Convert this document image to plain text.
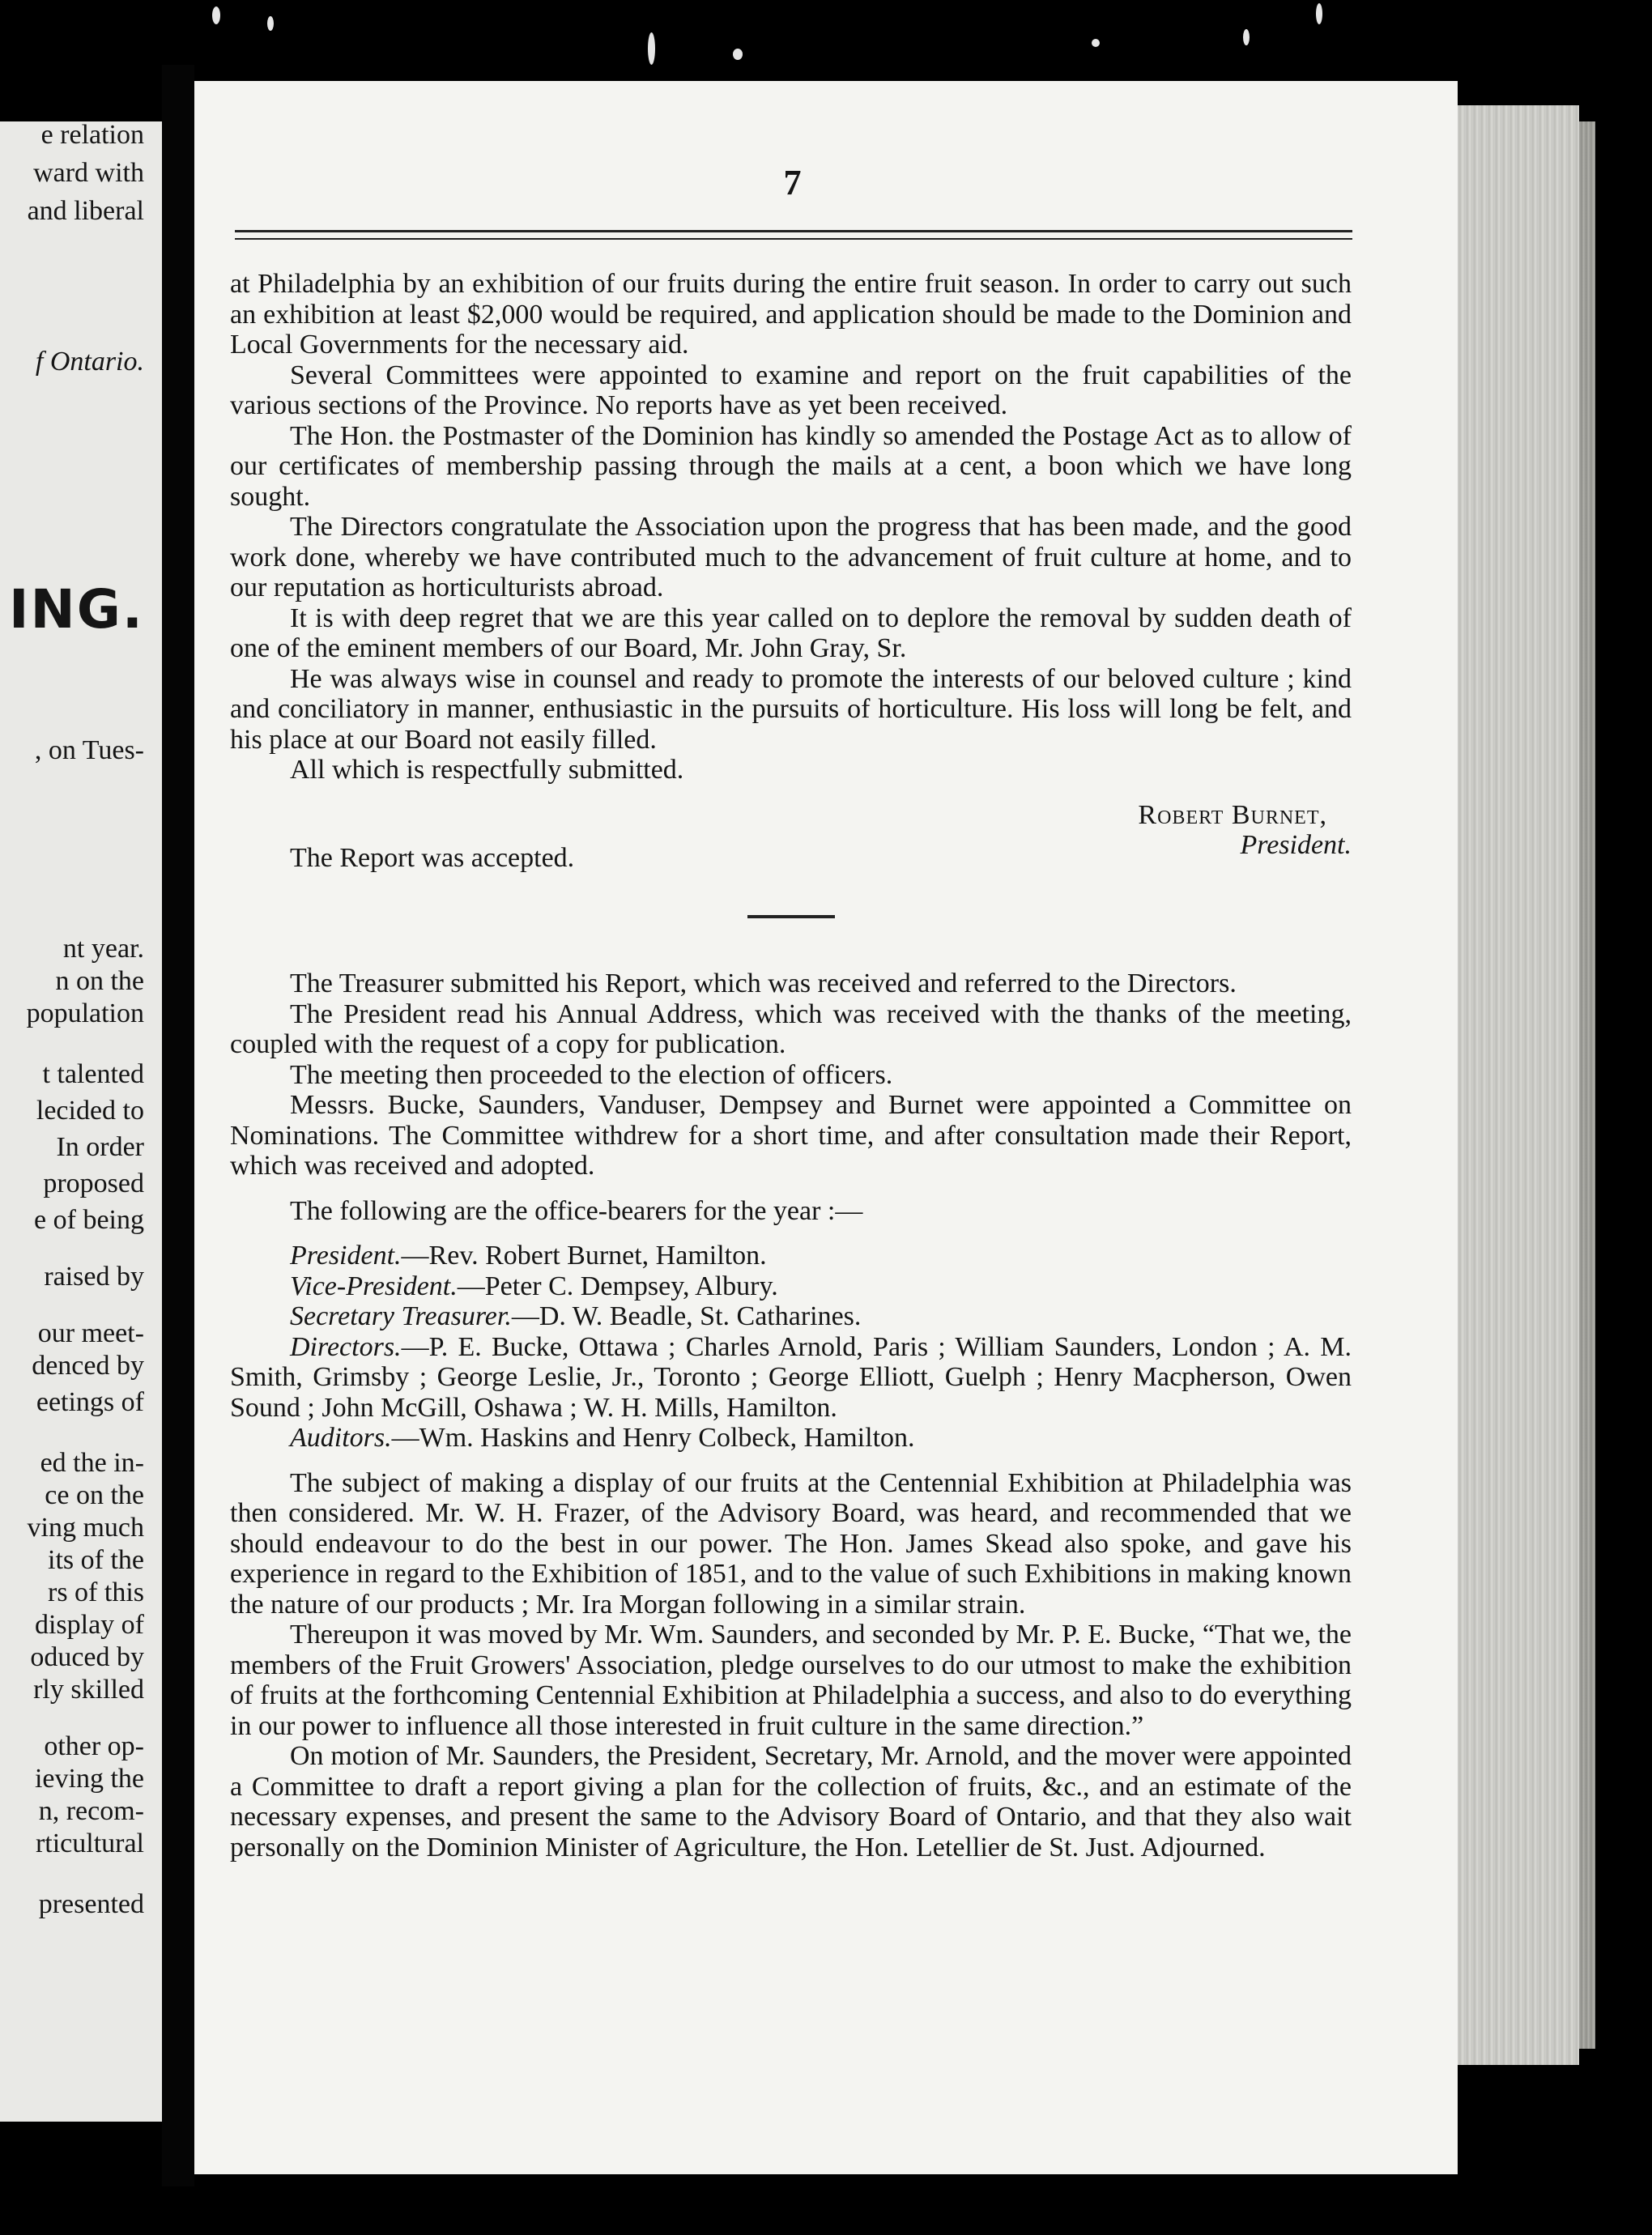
e relation
ward with
and liberal
f Ontario.
ING.
, on Tues-
nt year.
n on the
population
t talented
lecided to
In order
proposed
e of being
raised by
our meet-
denced by
eetings of
ed the in-
ce on the
ving much
its of the
rs of this
display of
oduced by
rly skilled
other op-
ieving the
n, recom-
rticultural
presented
7

at Philadelphia by an exhibition of our fruits during the entire fruit season. In order to carry out such an exhibition at least $2,000 would be required, and application should be made to the Dominion and Local Governments for the necessary aid.

Several Committees were appointed to examine and report on the fruit capabilities of the various sections of the Province. No reports have as yet been received.

The Hon. the Postmaster of the Dominion has kindly so amended the Postage Act as to allow of our certificates of membership passing through the mails at a cent, a boon which we have long sought.

The Directors congratulate the Association upon the progress that has been made, and the good work done, whereby we have contributed much to the advancement of fruit culture at home, and to our reputation as horticulturists abroad.

It is with deep regret that we are this year called on to deplore the removal by sudden death of one of the eminent members of our Board, Mr. John Gray, Sr.

He was always wise in counsel and ready to promote the interests of our beloved culture ; kind and conciliatory in manner, enthusiastic in the pursuits of horticulture. His loss will long be felt, and his place at our Board not easily filled.

All which is respectfully submitted.

Robert Burnet,
President.
The Report was accepted.

The Treasurer submitted his Report, which was received and referred to the Directors.

The President read his Annual Address, which was received with the thanks of the meeting, coupled with the request of a copy for publication.

The meeting then proceeded to the election of officers.

Messrs. Bucke, Saunders, Vanduser, Dempsey and Burnet were appointed a Committee on Nominations. The Committee withdrew for a short time, and after consultation made their Report, which was received and adopted.

The following are the office-bearers for the year :—

President.—Rev. Robert Burnet, Hamilton.

Vice-President.—Peter C. Dempsey, Albury.

Secretary Treasurer.—D. W. Beadle, St. Catharines.

Directors.—P. E. Bucke, Ottawa ; Charles Arnold, Paris ; William Saunders, London ; A. M. Smith, Grimsby ; George Leslie, Jr., Toronto ; George Elliott, Guelph ; Henry Macpherson, Owen Sound ; John McGill, Oshawa ; W. H. Mills, Hamilton.

Auditors.—Wm. Haskins and Henry Colbeck, Hamilton.

The subject of making a display of our fruits at the Centennial Exhibition at Philadelphia was then considered. Mr. W. H. Frazer, of the Advisory Board, was heard, and recommended that we should endeavour to do the best in our power. The Hon. James Skead also spoke, and gave his experience in regard to the Exhibition of 1851, and to the value of such Exhibitions in making known the nature of our products ; Mr. Ira Morgan following in a similar strain.

Thereupon it was moved by Mr. Wm. Saunders, and seconded by Mr. P. E. Bucke, “That we, the members of the Fruit Growers' Association, pledge ourselves to do our utmost to make the exhibition of fruits at the forthcoming Centennial Exhibition at Philadelphia a success, and also to do everything in our power to influence all those interested in fruit culture in the same direction.”

On motion of Mr. Saunders, the President, Secretary, Mr. Arnold, and the mover were appointed a Committee to draft a report giving a plan for the collection of fruits, &c., and an estimate of the necessary expenses, and present the same to the Advisory Board of Ontario, and that they also wait personally on the Dominion Minister of Agriculture, the Hon. Letellier de St. Just. Adjourned.
